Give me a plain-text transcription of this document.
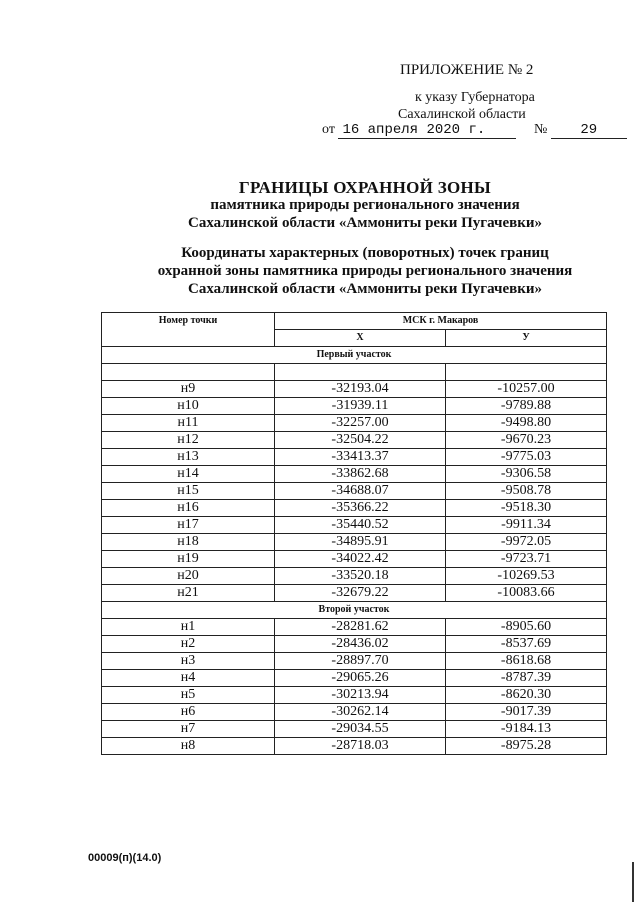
ПРИЛОЖЕНИЕ № 2
к указу Губернатора
Сахалинской области
от 16 апреля 2020 г.	№ 29
ГРАНИЦЫ ОХРАННОЙ ЗОНЫ
памятника природы регионального значения
Сахалинской области «Аммониты реки Пугачевки»
Координаты характерных (поворотных) точек границ
охранной зоны памятника природы регионального значения
Сахалинской области «Аммониты реки Пугачевки»
Номер точки	МСК г. Макаров	
	Х	У
Первый участок		

н9	-32193.04	-10257.00
н10	-31939.11	-9789.88
н11	-32257.00	-9498.80
н12	-32504.22	-9670.23
н13	-33413.37	-9775.03
н14	-33862.68	-9306.58
н15	-34688.07	-9508.78
н16	-35366.22	-9518.30
н17	-35440.52	-9911.34
н18	-34895.91	-9972.05
н19	-34022.42	-9723.71
н20	-33520.18	-10269.53
н21	-32679.22	-10083.66
Второй участок		
н1	-28281.62	-8905.60
н2	-28436.02	-8537.69
н3	-28897.70	-8618.68
н4	-29065.26	-8787.39
н5	-30213.94	-8620.30
н6	-30262.14	-9017.39
н7	-29034.55	-9184.13
н8	-28718.03	-8975.28
00009(п)(14.0)
